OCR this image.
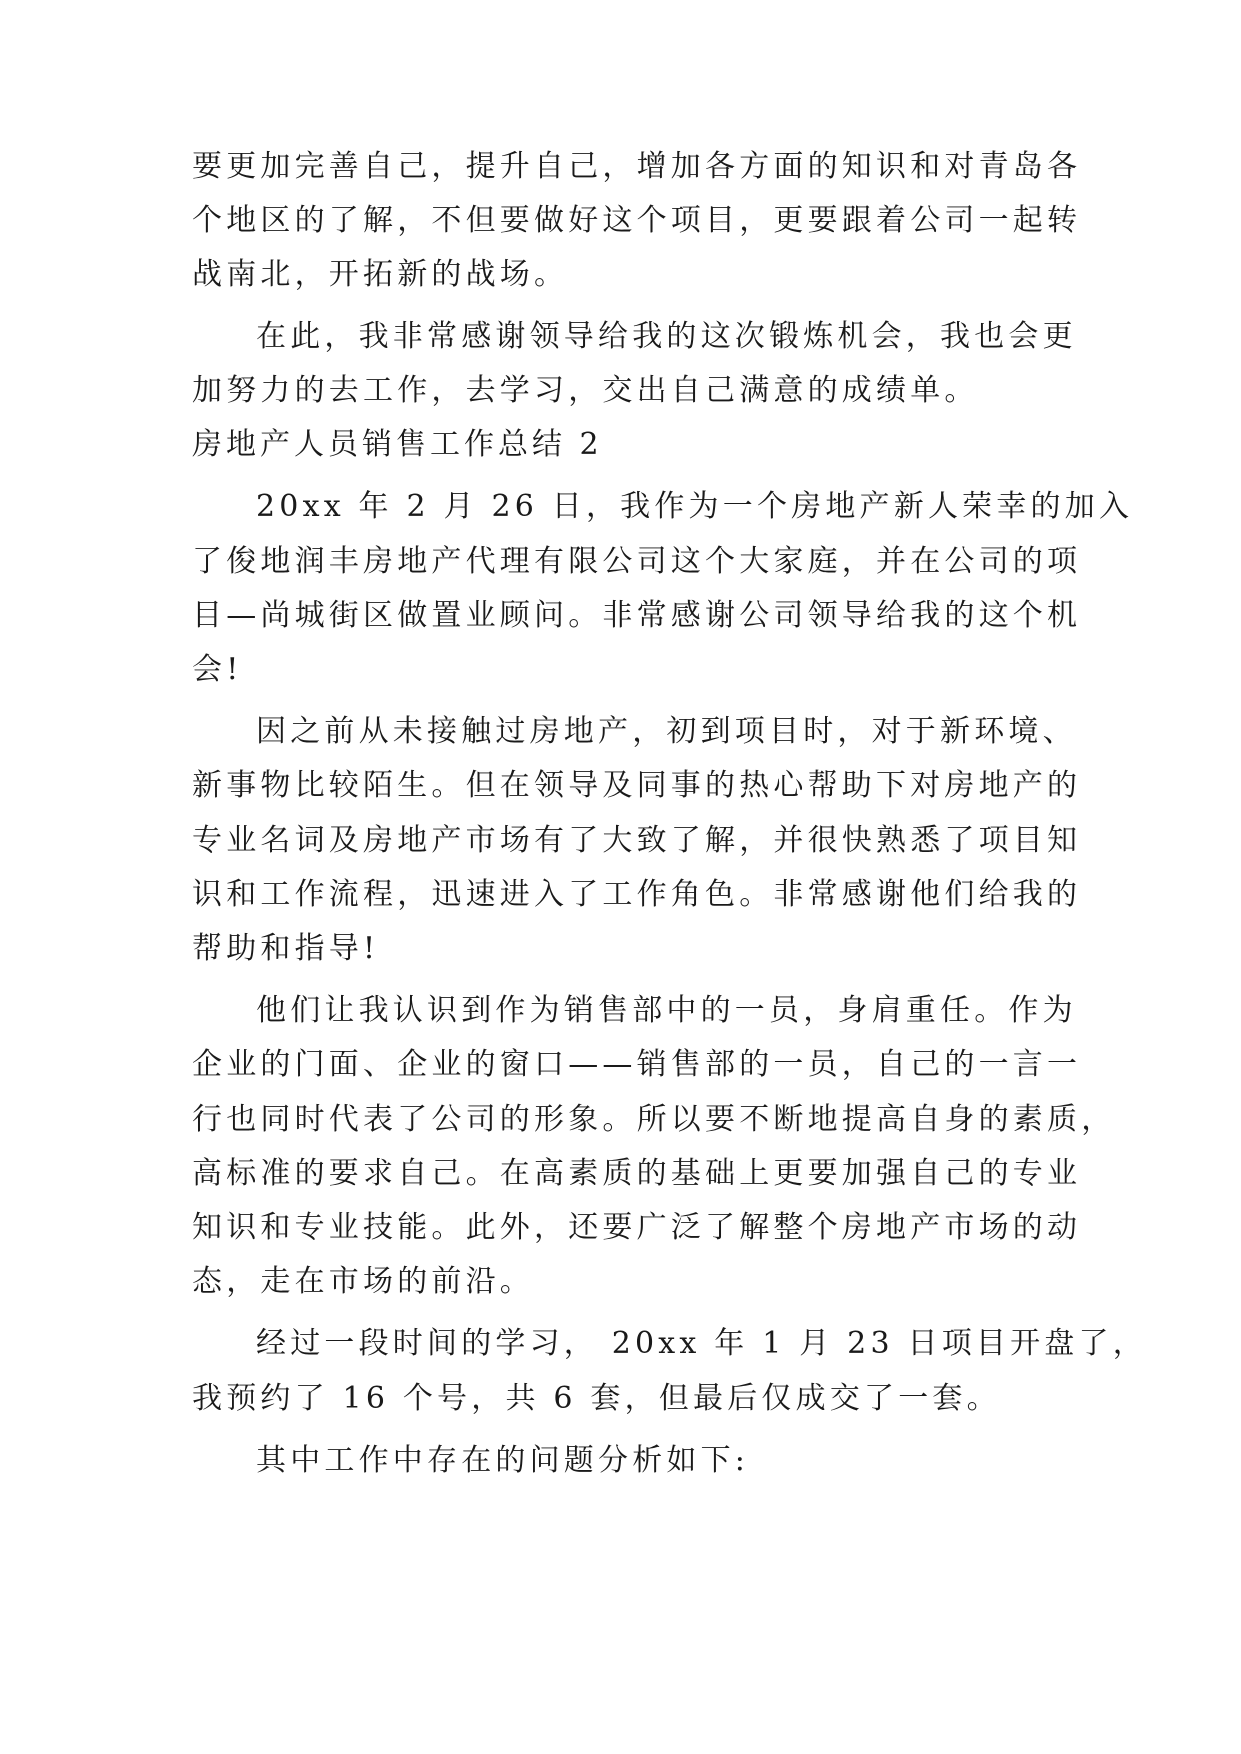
要更加完善自己，提升自己，增加各方面的知识和对青岛各
个地区的了解，不但要做好这个项目，更要跟着公司一起转
战南北，开拓新的战场。
在此，我非常感谢领导给我的这次锻炼机会，我也会更
加努力的去工作，去学习，交出自己满意的成绩单。
房地产人员销售工作总结 2
20xx 年 2 月 26 日，我作为一个房地产新人荣幸的加入
了俊地润丰房地产代理有限公司这个大家庭，并在公司的项
目—尚城街区做置业顾问。非常感谢公司领导给我的这个机
会!
因之前从未接触过房地产，初到项目时，对于新环境、
新事物比较陌生。但在领导及同事的热心帮助下对房地产的
专业名词及房地产市场有了大致了解，并很快熟悉了项目知
识和工作流程，迅速进入了工作角色。非常感谢他们给我的
帮助和指导!
他们让我认识到作为销售部中的一员，身肩重任。作为
企业的门面、企业的窗口——销售部的一员，自己的一言一
行也同时代表了公司的形象。所以要不断地提高自身的素质，
高标准的要求自己。在高素质的基础上更要加强自己的专业
知识和专业技能。此外，还要广泛了解整个房地产市场的动
态，走在市场的前沿。
经过一段时间的学习， 20xx 年 1 月 23 日项目开盘了，
我预约了 16 个号，共 6 套，但最后仅成交了一套。
其中工作中存在的问题分析如下:
